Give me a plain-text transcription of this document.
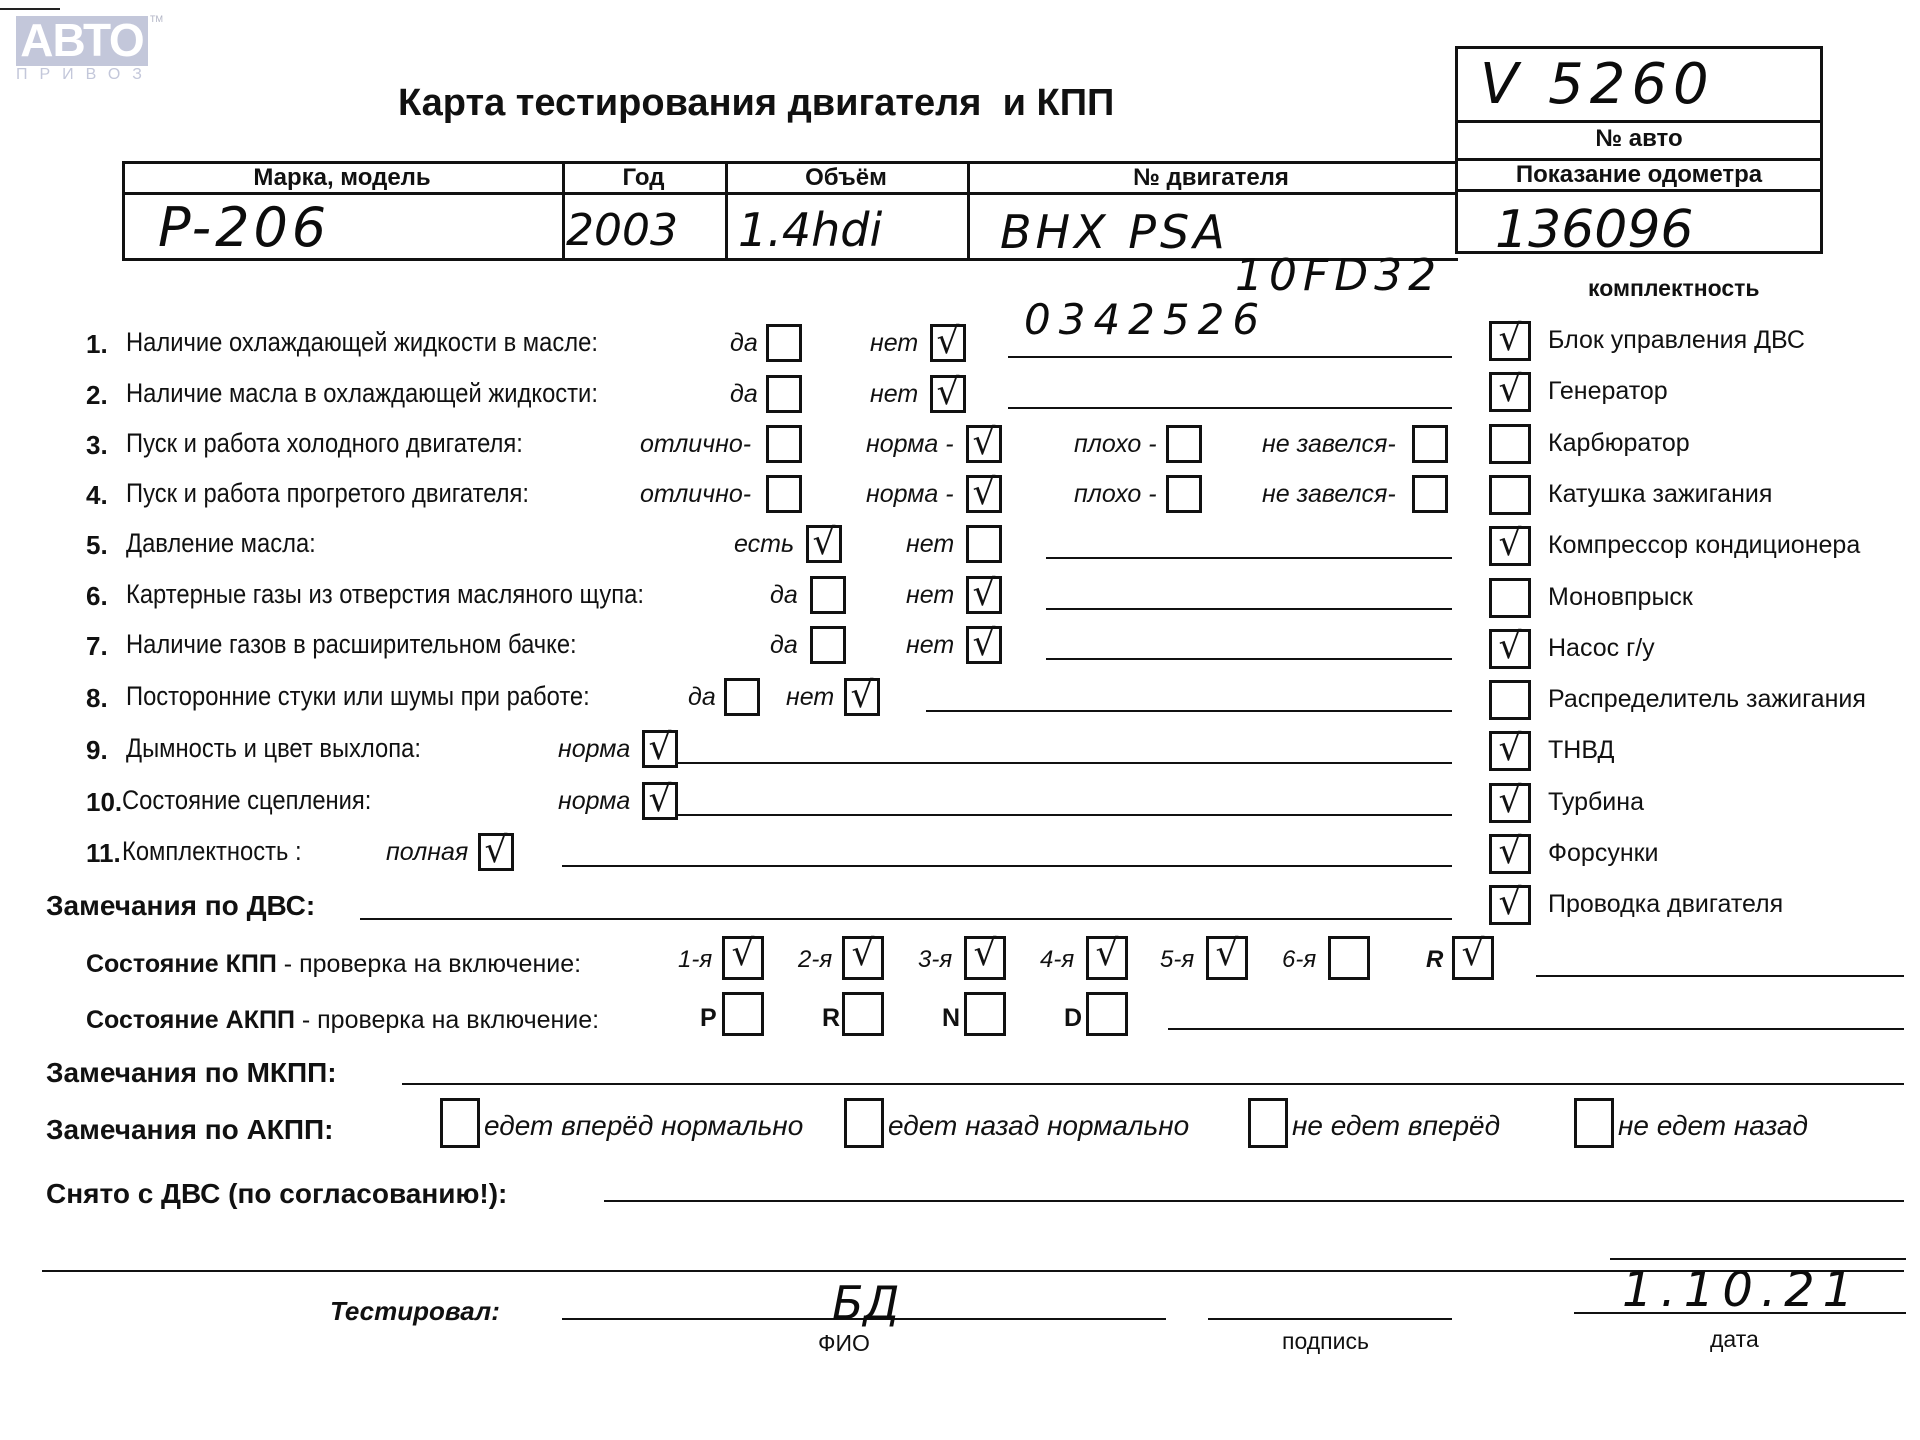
АВТО TM
ПРИВОЗ
Карта тестирования двигателя  и КПП	V 5260
№ авто
Марка, модель	Год	Объём	№ двигателя	Показание одометра
P-206	2003 1.4hdi	BHX PSA	136096
10FD32
0342526
1. Наличие охлаждающей жидкости в масле:	да	нет √
2. Наличие масла в охлаждающей жидкости:	да	нет √
3. Пуск и работа холодного двигателя:	отлично-	норма - √	плохо -	не завелся-
4. Пуск и работа прогретого двигателя:	отлично-	норма - √	плохо -	не завелся-
5. Давление масла:	есть √	нет
6. Картерные газы из отверстия масляного щупа:	да	нет √
7. Наличие газов в расширительном бачке:	да	нет √
8. Посторонние стуки или шумы при работе:	да	нет √
9. Дымность и цвет выхлопа:	норма √
10. Состояние сцепления:	норма √
11. Комплектность :	полная √
комплектность
√ Блок управления ДВС
√ Генератор
Карбюратор
Катушка зажигания
√ Компрессор кондиционера
Моновпрыск
√ Насос г/у
Распределитель зажигания
√ ТНВД
√ Турбина
√ Форсунки
√ Проводка двигателя
Замечания по ДВС:
Состояние КПП - проверка на включение:	1-я √ 2-я √ 3-я √ 4-я √ 5-я √ 6-я	R √
Состояние АКПП - проверка на включение:	P	R	N	D
Замечания по МКПП:
Замечания по АКПП:	едет вперёд нормально	едет назад нормально	не едет вперёд	не едет назад
Снято с ДВС (по согласованию!):
Тестировал:	БД
ФИО	подпись
1.10.21
дата
